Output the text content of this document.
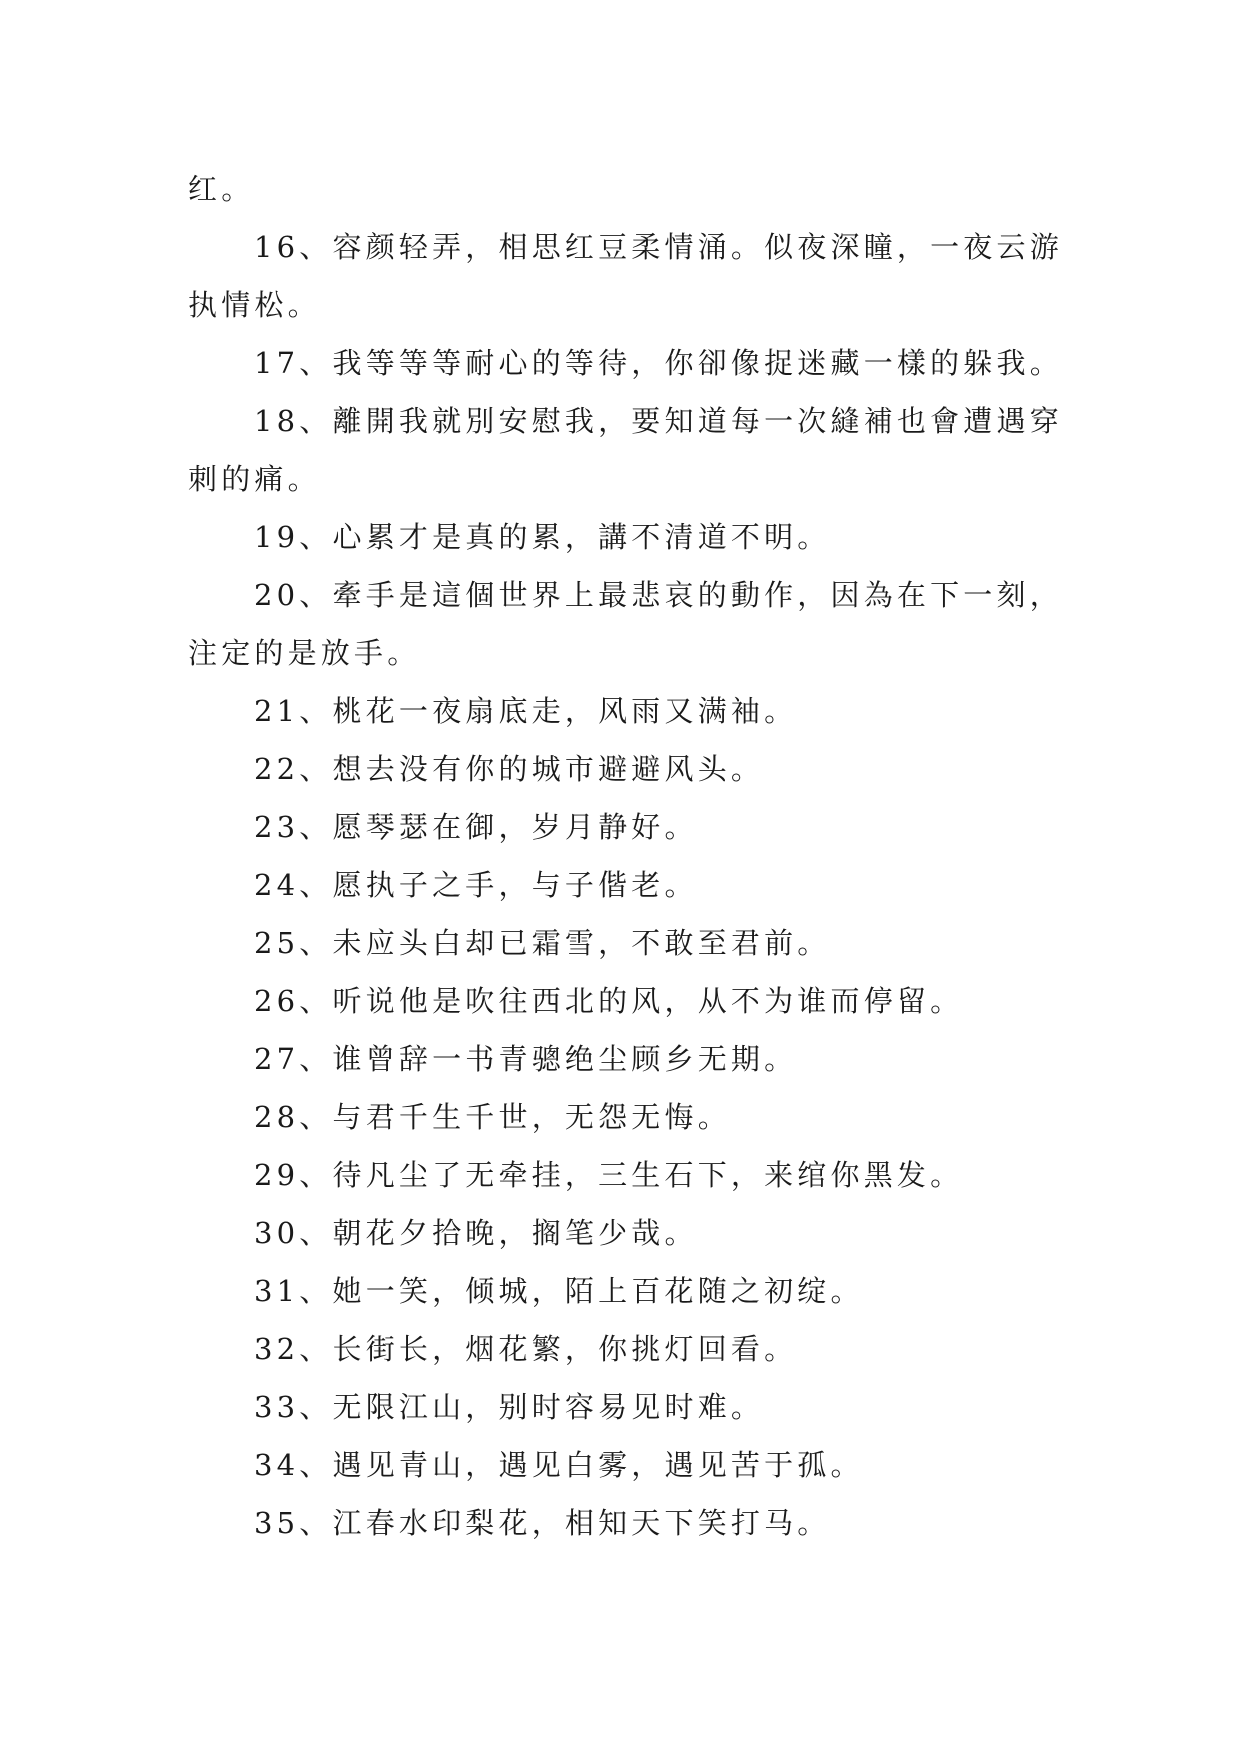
红。

16、容颜轻弄，相思红豆柔情涌。似夜深瞳，一夜云游执情松。

17、我等等等耐心的等待，你卻像捉迷藏一樣的躲我。

18、離開我就別安慰我，要知道每一次縫補也會遭遇穿刺的痛。

19、心累才是真的累，講不清道不明。

20、牽手是這個世界上最悲哀的動作，因為在下一刻，注定的是放手。

21、桃花一夜扇底走，风雨又满袖。

22、想去没有你的城市避避风头。

23、愿琴瑟在御，岁月静好。

24、愿执子之手，与子偕老。

25、未应头白却已霜雪，不敢至君前。

26、听说他是吹往西北的风，从不为谁而停留。

27、谁曾辞一书青骢绝尘顾乡无期。

28、与君千生千世，无怨无悔。

29、待凡尘了无牵挂，三生石下，来绾你黑发。

30、朝花夕拾晚，搁笔少哉。

31、她一笑，倾城，陌上百花随之初绽。

32、长街长，烟花繁，你挑灯回看。

33、无限江山，别时容易见时难。

34、遇见青山，遇见白雾，遇见苦于孤。

35、江春水印梨花，相知天下笑打马。
